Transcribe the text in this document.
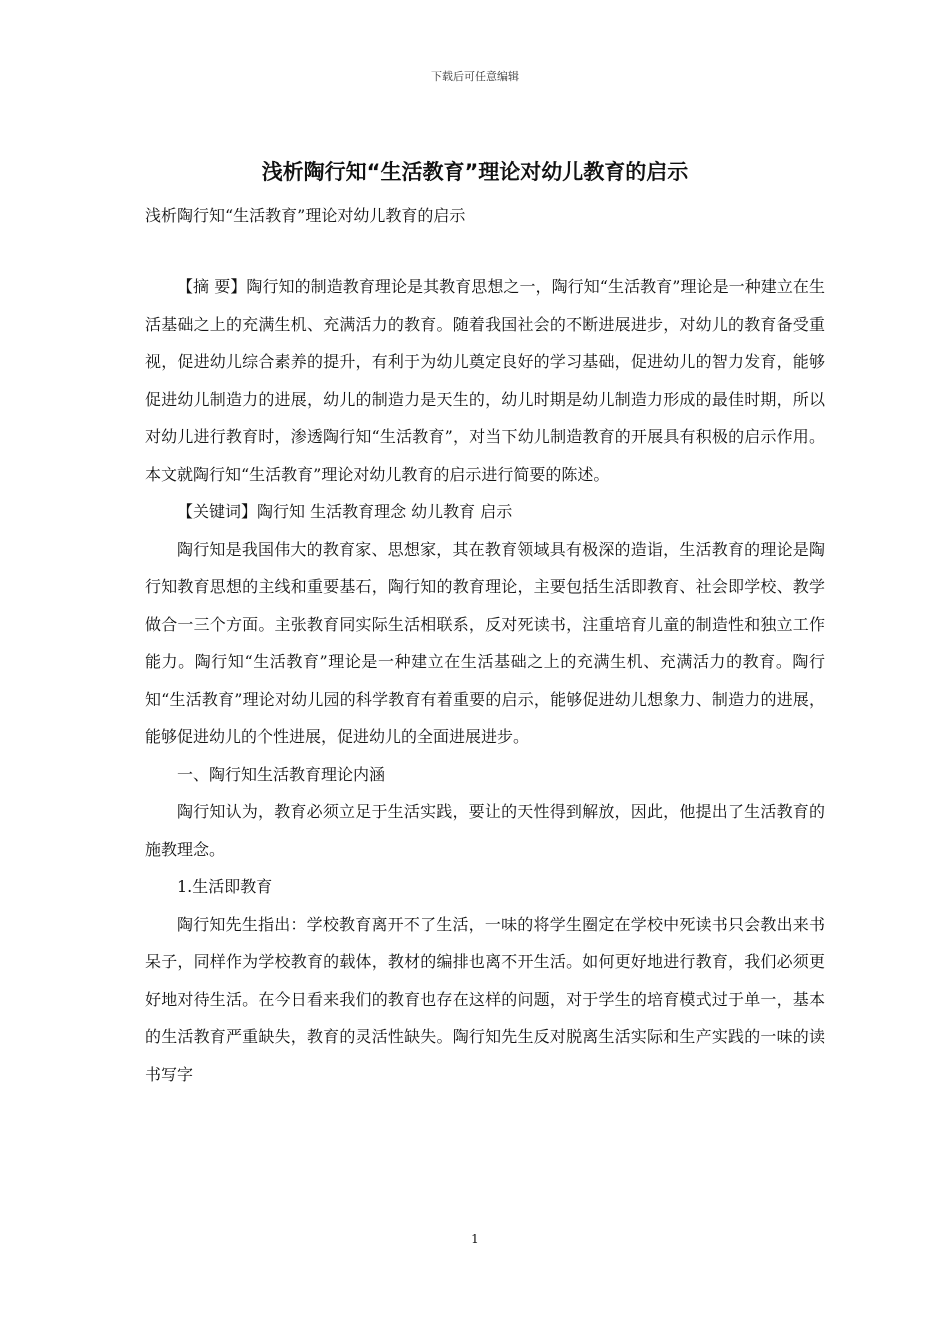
下载后可任意编辑
浅析陶行知“生活教育”理论对幼儿教育的启示
浅析陶行知“生活教育”理论对幼儿教育的启示

【摘 要】陶行知的制造教育理论是其教育思想之一，陶行知“生活教育”理论是一种建立在生活基础之上的充满生机、充满活力的教育。随着我国社会的不断进展进步，对幼儿的教育备受重视，促进幼儿综合素养的提升，有利于为幼儿奠定良好的学习基础，促进幼儿的智力发育，能够促进幼儿制造力的进展，幼儿的制造力是天生的，幼儿时期是幼儿制造力形成的最佳时期，所以对幼儿进行教育时，渗透陶行知“生活教育”，对当下幼儿制造教育的开展具有积极的启示作用。本文就陶行知“生活教育”理论对幼儿教育的启示进行简要的陈述。

【关键词】陶行知 生活教育理念 幼儿教育 启示

陶行知是我国伟大的教育家、思想家，其在教育领域具有极深的造诣，生活教育的理论是陶行知教育思想的主线和重要基石，陶行知的教育理论，主要包括生活即教育、社会即学校、教学做合一三个方面。主张教育同实际生活相联系，反对死读书，注重培育儿童的制造性和独立工作能力。陶行知“生活教育”理论是一种建立在生活基础之上的充满生机、充满活力的教育。陶行知“生活教育”理论对幼儿园的科学教育有着重要的启示，能够促进幼儿想象力、制造力的进展，能够促进幼儿的个性进展，促进幼儿的全面进展进步。

一、陶行知生活教育理论内涵

陶行知认为，教育必须立足于生活实践，要让的天性得到解放，因此，他提出了生活教育的施教理念。

1.生活即教育

陶行知先生指出：学校教育离开不了生活，一味的将学生圈定在学校中死读书只会教出来书呆子，同样作为学校教育的载体，教材的编排也离不开生活。如何更好地进行教育，我们必须更好地对待生活。在今日看来我们的教育也存在这样的问题，对于学生的培育模式过于单一，基本的生活教育严重缺失，教育的灵活性缺失。陶行知先生反对脱离生活实际和生产实践的一味的读书写字

1
